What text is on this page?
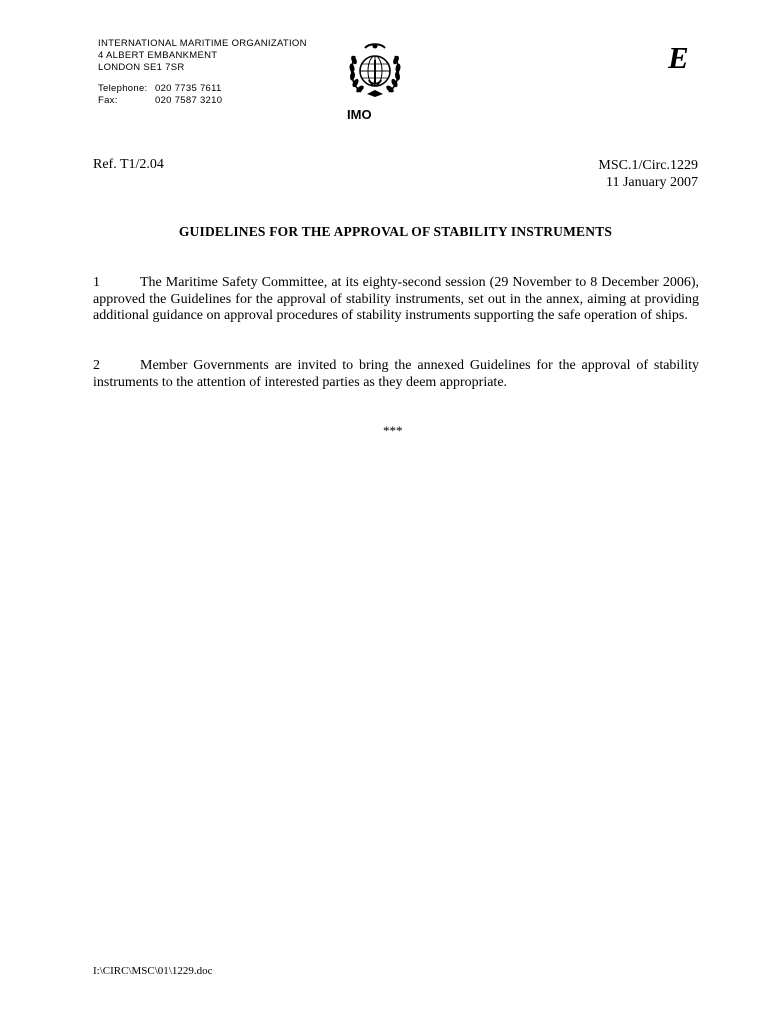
INTERNATIONAL MARITIME ORGANIZATION
4 ALBERT EMBANKMENT
LONDON SE1 7SR
Telephone: 020 7735 7611
Fax:	020 7587 3210
IMO
E
Ref. T1/2.04	MSC.1/Circ.1229
11 January 2007
GUIDELINES FOR THE APPROVAL OF STABILITY INSTRUMENTS

1	The Maritime Safety Committee, at its eighty-second session (29 November to 8 December 2006), approved the Guidelines for the approval of stability instruments, set out in the annex, aiming at providing additional guidance on approval procedures of stability instruments supporting the safe operation of ships.

2	Member Governments are invited to bring the annexed Guidelines for the approval of stability instruments to the attention of interested parties as they deem appropriate.

***
I:\CIRC\MSC\01\1229.doc
